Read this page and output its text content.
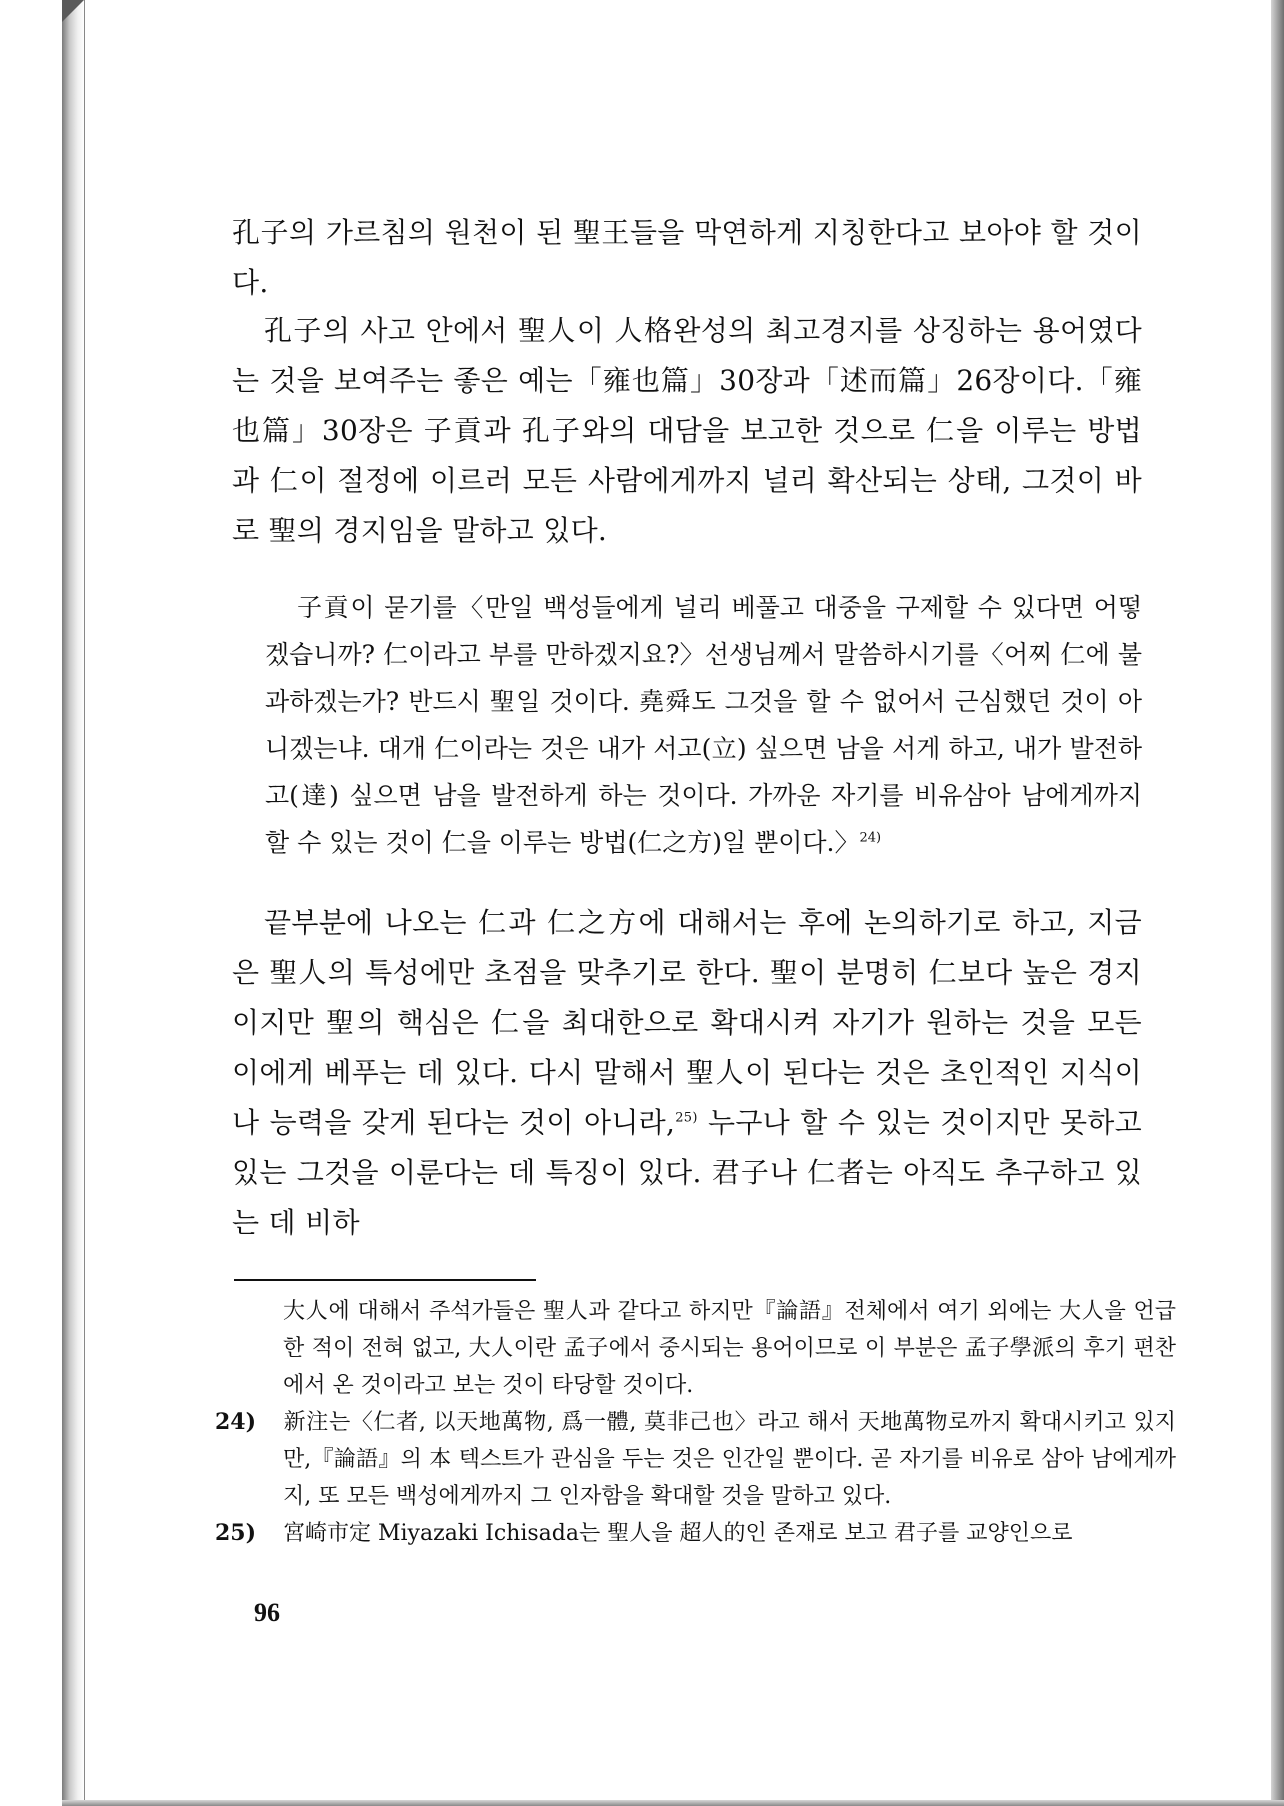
孔子의 가르침의 원천이 된 聖王들을 막연하게 지칭한다고 보아야 할 것이 다.

孔子의 사고 안에서 聖人이 人格완성의 최고경지를 상징하는 용어였다는 것을 보여주는 좋은 예는「雍也篇」30장과「述而篇」26장이다.「雍也篇」30장은 子貢과 孔子와의 대담을 보고한 것으로 仁을 이루는 방법과 仁이 절정에 이르러 모든 사람에게까지 널리 확산되는 상태, 그것이 바로 聖의 경지임을 말하고 있다.

子貢이 묻기를〈만일 백성들에게 널리 베풀고 대중을 구제할 수 있다면 어떻겠습니까? 仁이라고 부를 만하겠지요?〉선생님께서 말씀하시기를〈어찌 仁에 불과하겠는가? 반드시 聖일 것이다. 堯舜도 그것을 할 수 없어서 근심했던 것이 아니겠는냐. 대개 仁이라는 것은 내가 서고(立) 싶으면 남을 서게 하고, 내가 발전하고(達) 싶으면 남을 발전하게 하는 것이다. 가까운 자기를 비유삼아 남에게까지 할 수 있는 것이 仁을 이루는 방법(仁之方)일 뿐이다.〉$^{24)}$

끝부분에 나오는 仁과 仁之方에 대해서는 후에 논의하기로 하고, 지금은 聖人의 특성에만 초점을 맞추기로 한다. 聖이 분명히 仁보다 높은 경지이지만 聖의 핵심은 仁을 최대한으로 확대시켜 자기가 원하는 것을 모든 이에게 베푸는 데 있다. 다시 말해서 聖人이 된다는 것은 초인적인 지식이나 능력을 갖게 된다는 것이 아니라,$^{25)}$ 누구나 할 수 있는 것이지만 못하고 있는 그것을 이룬다는 데 특징이 있다. 君子나 仁者는 아직도 추구하고 있는 데 비하

大人에 대해서 주석가들은 聖人과 같다고 하지만『論語』전체에서 여기 외에는 大人을 언급한 적이 전혀 없고, 大人이란 孟子에서 중시되는 용어이므로 이 부분은 孟子學派의 후기 편찬에서 온 것이라고 보는 것이 타당할 것이다.

24) 新注는〈仁者, 以天地萬物, 爲一體, 莫非己也〉라고 해서 天地萬物로까지 확대시키고 있지만,『論語』의 本 텍스트가 관심을 두는 것은 인간일 뿐이다. 곧 자기를 비유로 삼아 남에게까지, 또 모든 백성에게까지 그 인자함을 확대할 것을 말하고 있다.

25) 宮崎市定 Miyazaki Ichisada는 聖人을 超人的인 존재로 보고 君子를 교양인으로

96
